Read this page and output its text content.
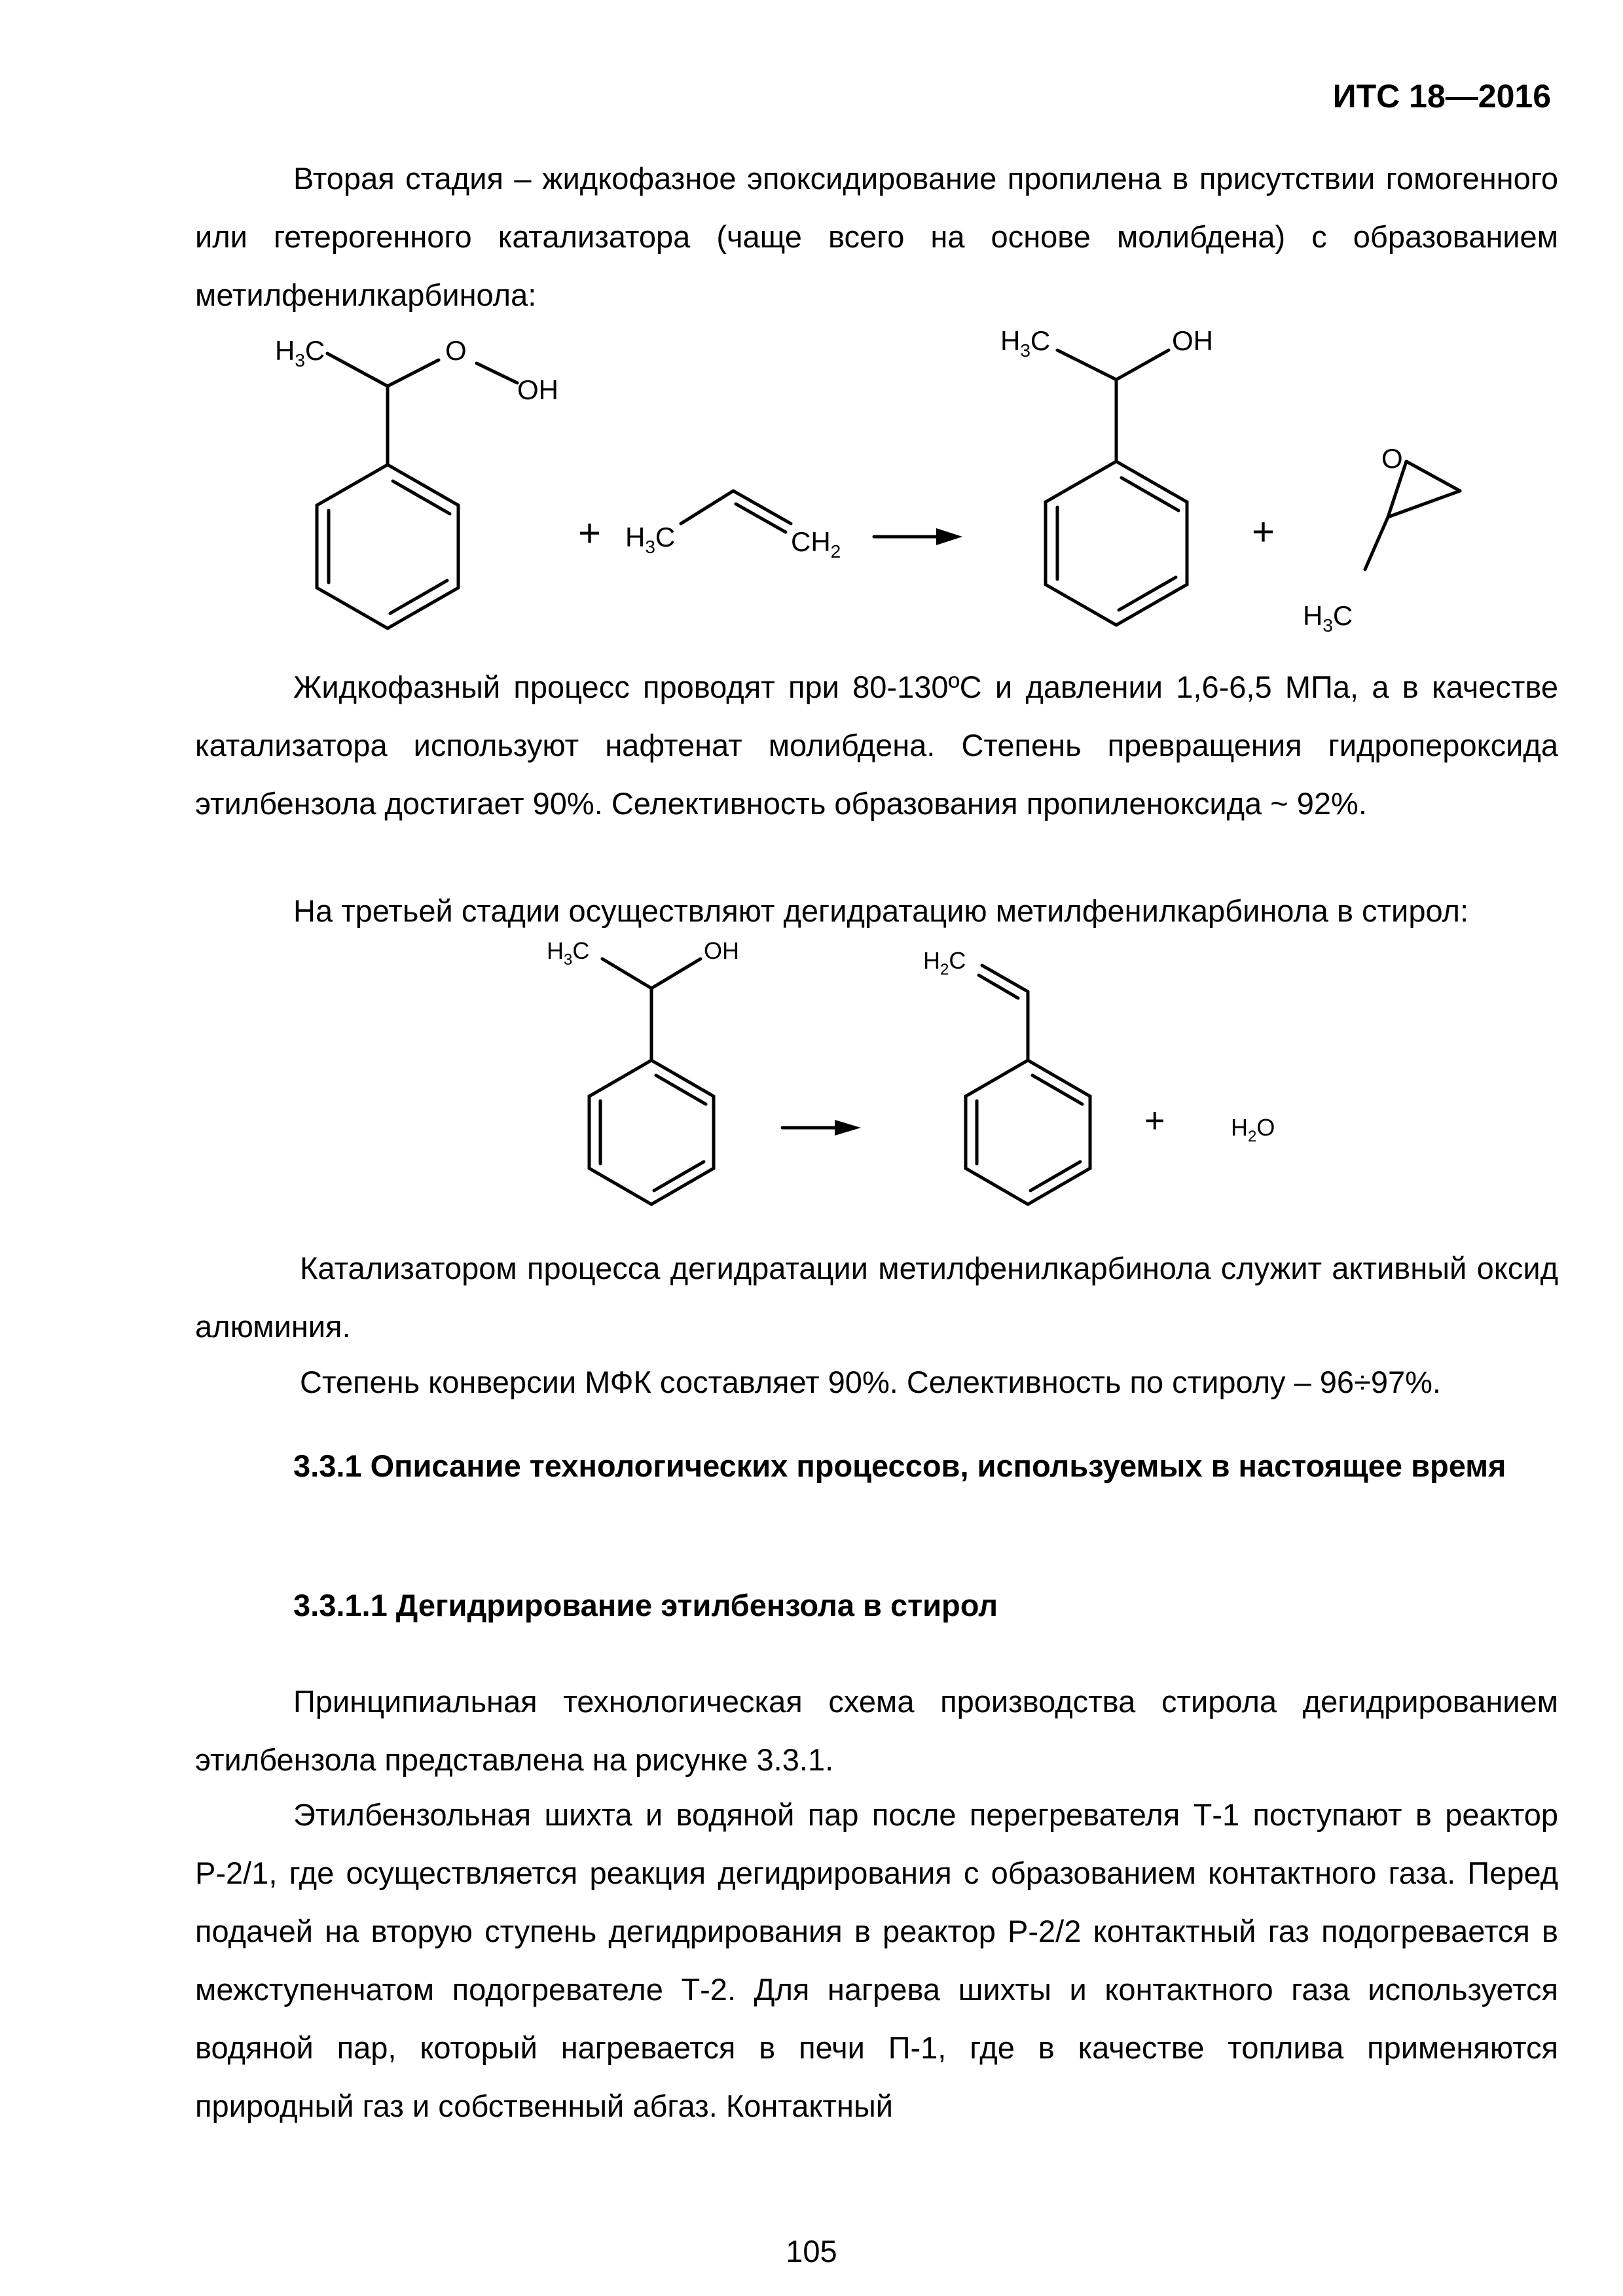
ИТС 18—2016

Вторая стадия – жидкофазное эпоксидирование пропилена в присутствии гомогенного или гетерогенного катализатора (чаще всего на основе молибдена) с образованием метилфенилкарбинола:

$H_3C$	O
OH
+ $H_3C$	$CH_2$
$H_3C$	OH
+
O
$H_3C$

Жидкофазный процесс проводят при 80-130ºС и давлении 1,6-6,5 МПа, а в качестве катализатора используют нафтенат молибдена. Степень превращения гидропероксида этилбензола достигает 90%. Селективность образования пропиленоксида ~ 92%.

На третьей стадии осуществляют дегидратацию метилфенилкарбинола в стирол:

$H_3C$	OH	$H_2C$
+	$H_2O$

Катализатором процесса дегидратации метилфенилкарбинола служит активный оксид алюминия.

Степень конверсии МФК составляет 90%. Селективность по стиролу – 96÷97%.

3.3.1 Описание технологических процессов, используемых в настоящее время

3.3.1.1 Дегидрирование этилбензола в стирол

Принципиальная технологическая схема производства стирола дегидрированием этилбензола представлена на рисунке 3.3.1.

Этилбензольная шихта и водяной пар после перегревателя Т-1 поступают в реактор Р-2/1, где осуществляется реакция дегидрирования с образованием контактного газа. Перед подачей на вторую ступень дегидрирования в реактор Р-2/2 контактный газ подогревается в межступенчатом подогревателе Т-2. Для нагрева шихты и контактного газа используется водяной пар, который нагревается в печи П-1, где в качестве топлива применяются природный газ и собственный абгаз. Контактный

105
